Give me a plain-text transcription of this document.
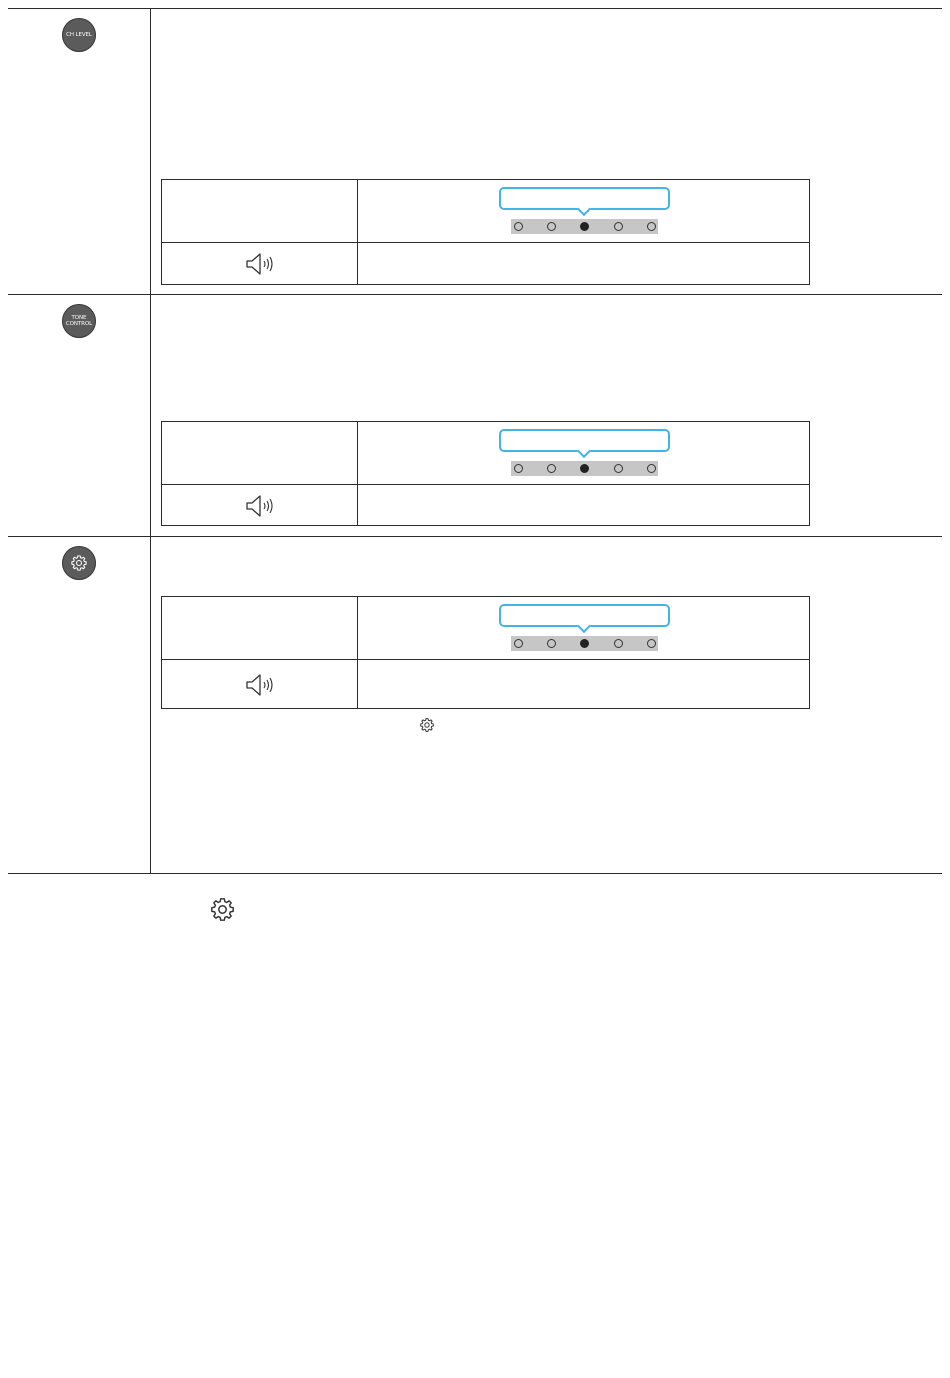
CH LEVEL
TONE
CONTROL
